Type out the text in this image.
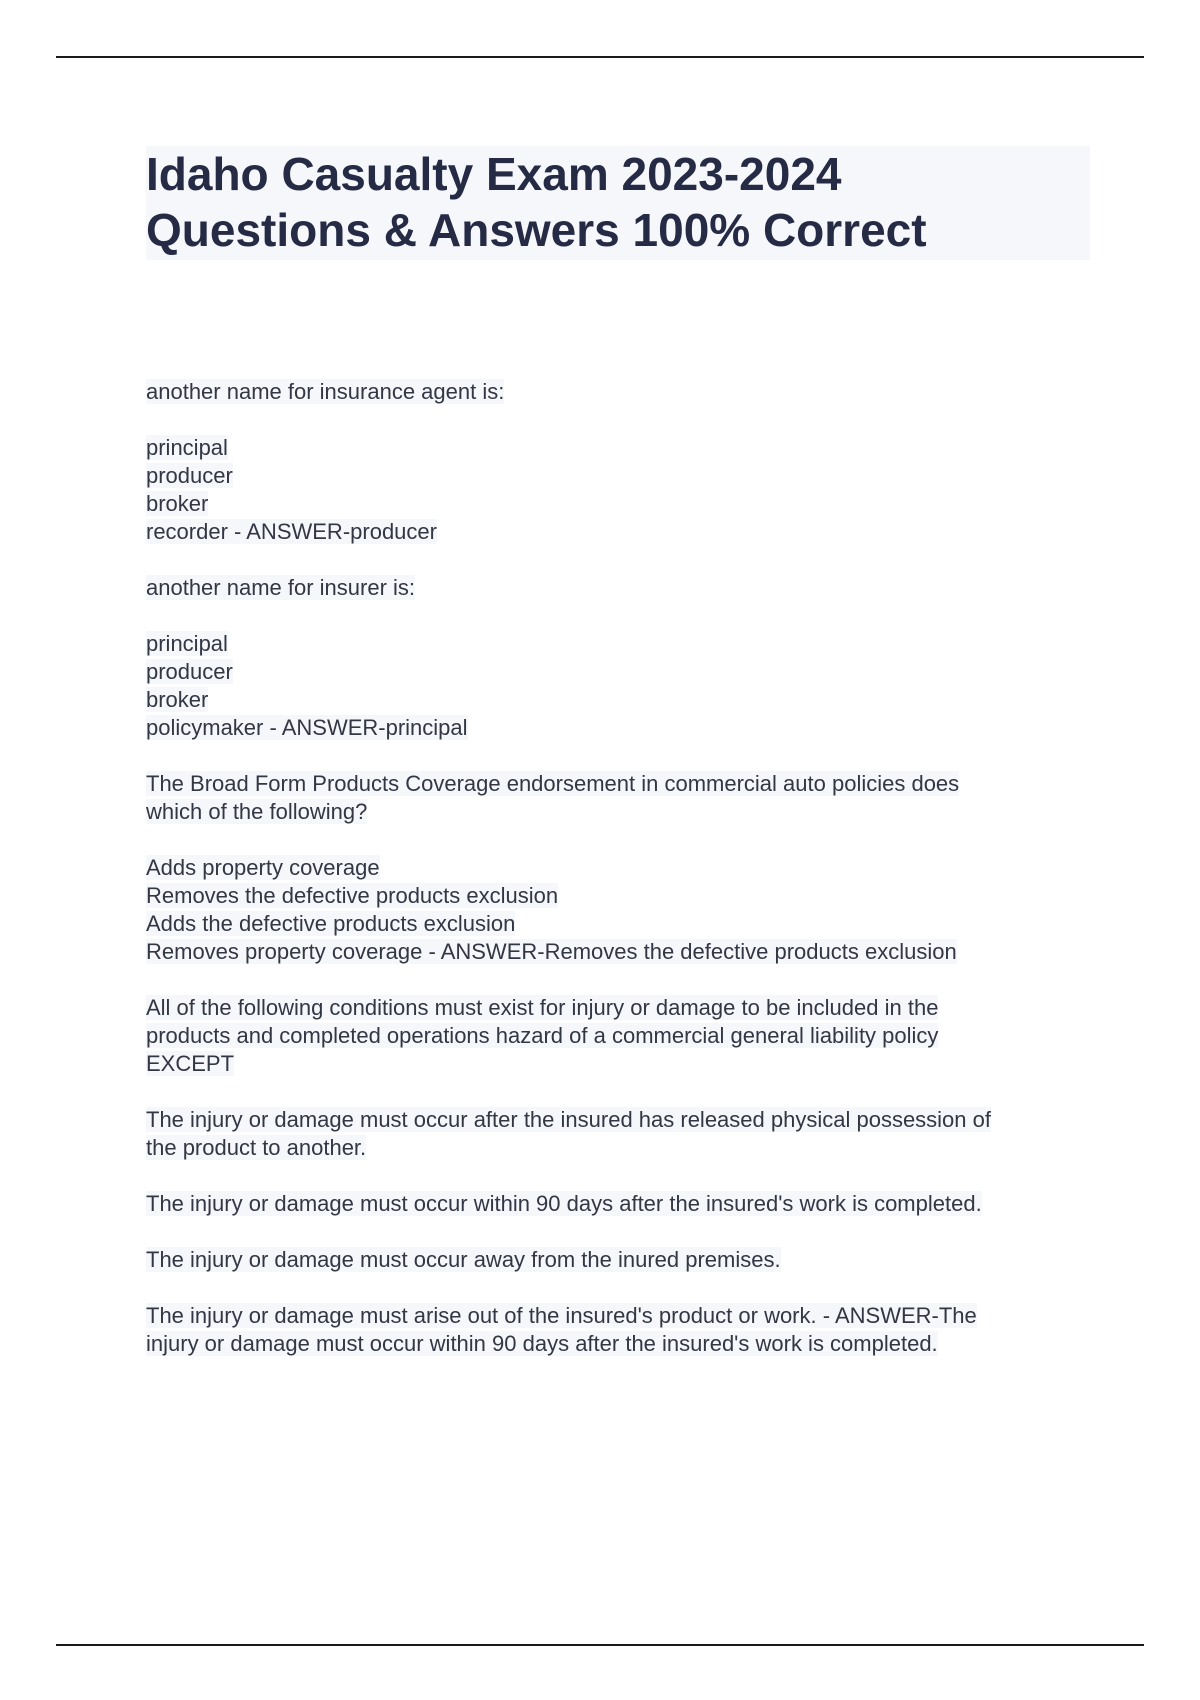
Idaho Casualty Exam 2023-2024
Questions & Answers 100% Correct
another name for insurance agent is:
principal
producer
broker
recorder - ANSWER-producer
another name for insurer is:
principal
producer
broker
policymaker - ANSWER-principal
The Broad Form Products Coverage endorsement in commercial auto policies does
which of the following?
Adds property coverage
Removes the defective products exclusion
Adds the defective products exclusion
Removes property coverage - ANSWER-Removes the defective products exclusion
All of the following conditions must exist for injury or damage to be included in the
products and completed operations hazard of a commercial general liability policy
EXCEPT
The injury or damage must occur after the insured has released physical possession of
the product to another.
The injury or damage must occur within 90 days after the insured's work is completed.
The injury or damage must occur away from the inured premises.
The injury or damage must arise out of the insured's product or work. - ANSWER-The
injury or damage must occur within 90 days after the insured's work is completed.
